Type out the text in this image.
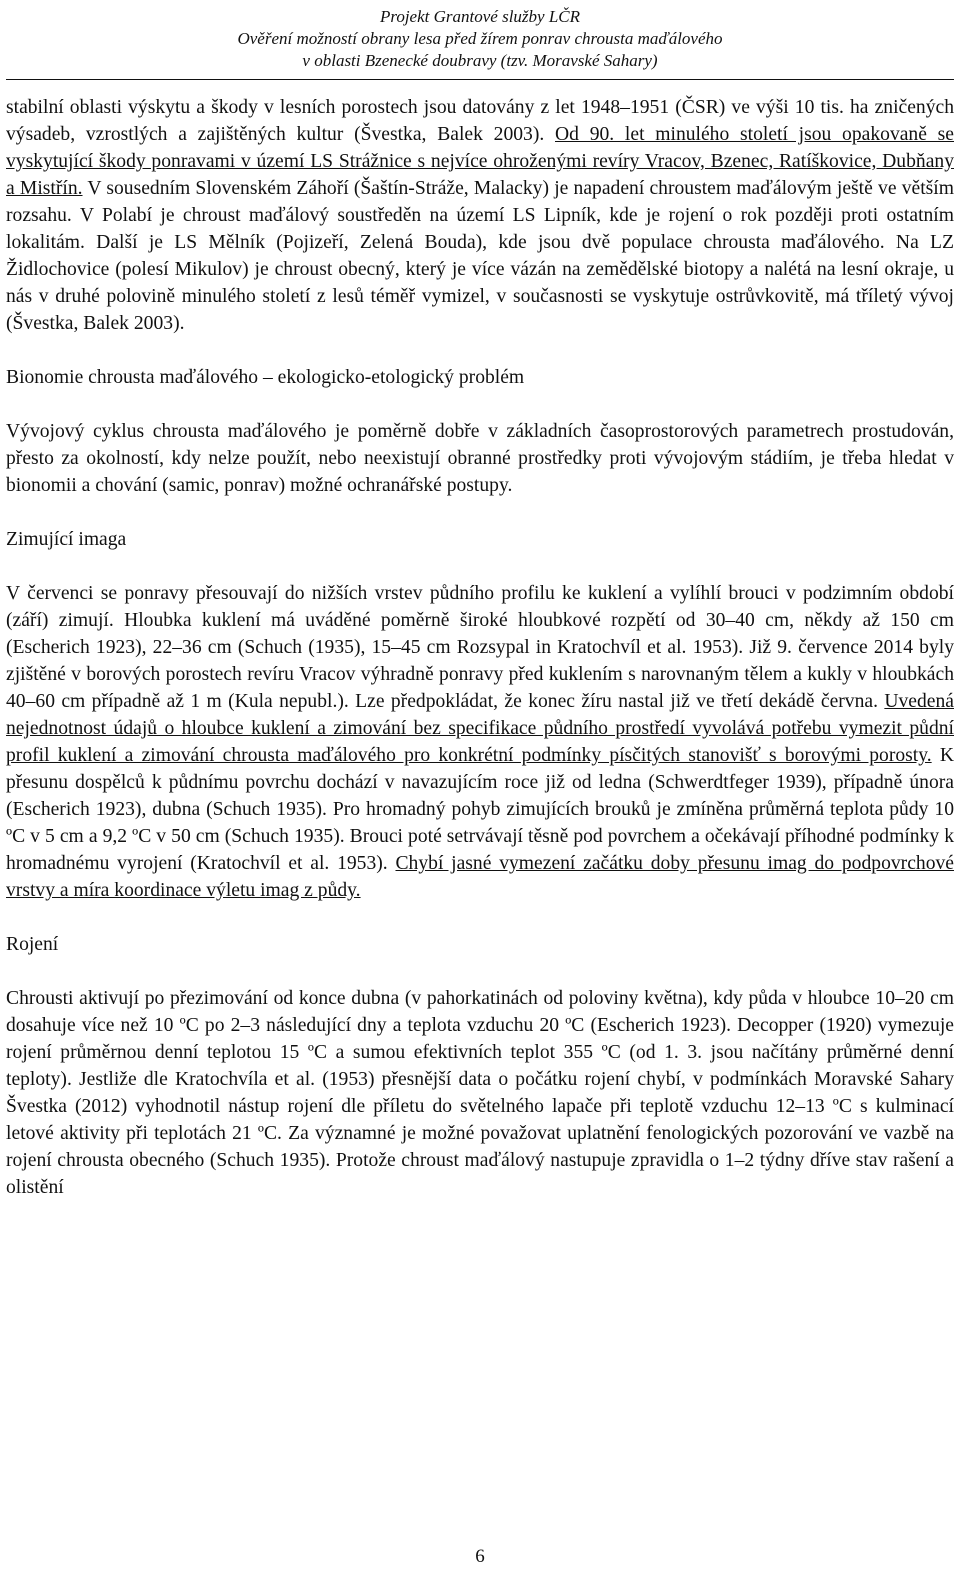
Projekt Grantové služby LČR
Ověření možností obrany lesa před žírem ponrav chrousta maďálového
v oblasti Bzenecké doubravy (tzv. Moravské Sahary)

stabilní oblasti výskytu a škody v lesních porostech jsou datovány z let 1948–1951 (ČSR) ve výši 10 tis. ha zničených výsadeb, vzrostlých a zajištěných kultur (Švestka, Balek 2003). Od 90. let minulého století jsou opakovaně se vyskytující škody ponravami v území LS Strážnice s nejvíce ohroženými revíry Vracov, Bzenec, Ratíškovice, Dubňany a Mistřín. V sousedním Slovenském Záhoří (Šaštín-Stráže, Malacky) je napadení chroustem maďálovým ještě ve větším rozsahu. V Polabí je chroust maďálový soustředěn na území LS Lipník, kde je rojení o rok později proti ostatním lokalitám. Další je LS Mělník (Pojizeří, Zelená Bouda), kde jsou dvě populace chrousta maďálového. Na LZ Židlochovice (polesí Mikulov) je chroust obecný, který je více vázán na zemědělské biotopy a nalétá na lesní okraje, u nás v druhé polovině minulého století z lesů téměř vymizel, v současnosti se vyskytuje ostrůvkovitě, má tříletý vývoj (Švestka, Balek 2003).

Bionomie chrousta maďálového – ekologicko-etologický problém

Vývojový cyklus chrousta maďálového je poměrně dobře v základních časoprostorových parametrech prostudován, přesto za okolností, kdy nelze použít, nebo neexistují obranné prostředky proti vývojovým stádiím, je třeba hledat v bionomii a chování (samic, ponrav) možné ochranářské postupy.

Zimující imaga

V červenci se ponravy přesouvají do nižších vrstev půdního profilu ke kuklení a vylíhlí brouci v podzimním období (září) zimují. Hloubka kuklení má uváděné poměrně široké hloubkové rozpětí od 30–40 cm, někdy až 150 cm (Escherich 1923), 22–36 cm (Schuch (1935), 15–45 cm Rozsypal in Kratochvíl et al. 1953). Již 9. července 2014 byly zjištěné v borových porostech revíru Vracov výhradně ponravy před kuklením s narovnaným tělem a kukly v hloubkách 40–60 cm případně až 1 m (Kula nepubl.). Lze předpokládat, že konec žíru nastal již ve třetí dekádě června. Uvedená nejednotnost údajů o hloubce kuklení a zimování bez specifikace půdního prostředí vyvolává potřebu vymezit půdní profil kuklení a zimování chrousta maďálového pro konkrétní podmínky písčitých stanovišť s borovými porosty. K přesunu dospělců k půdnímu povrchu dochází v navazujícím roce již od ledna (Schwerdtfeger 1939), případně února (Escherich 1923), dubna (Schuch 1935). Pro hromadný pohyb zimujících brouků je zmíněna průměrná teplota půdy 10 ºC v 5 cm a 9,2 ºC v 50 cm (Schuch 1935). Brouci poté setrvávají těsně pod povrchem a očekávají příhodné podmínky k hromadnému vyrojení (Kratochvíl et al. 1953). Chybí jasné vymezení začátku doby přesunu imag do podpovrchové vrstvy a míra koordinace výletu imag z půdy.

Rojení

Chrousti aktivují po přezimování od konce dubna (v pahorkatinách od poloviny května), kdy půda v hloubce 10–20 cm dosahuje více než 10 ºC po 2–3 následující dny a teplota vzduchu 20 ºC (Escherich 1923). Decopper (1920) vymezuje rojení průměrnou denní teplotou 15 ºC a sumou efektivních teplot 355 ºC (od 1. 3. jsou načítány průměrné denní teploty). Jestliže dle Kratochvíla et al. (1953) přesnější data o počátku rojení chybí, v podmínkách Moravské Sahary Švestka (2012) vyhodnotil nástup rojení dle příletu do světelného lapače při teplotě vzduchu 12–13 ºC s kulminací letové aktivity při teplotách 21 ºC. Za významné je možné považovat uplatnění fenologických pozorování ve vazbě na rojení chrousta obecného (Schuch 1935). Protože chroust maďálový nastupuje zpravidla o 1–2 týdny dříve stav rašení a olistění

6
